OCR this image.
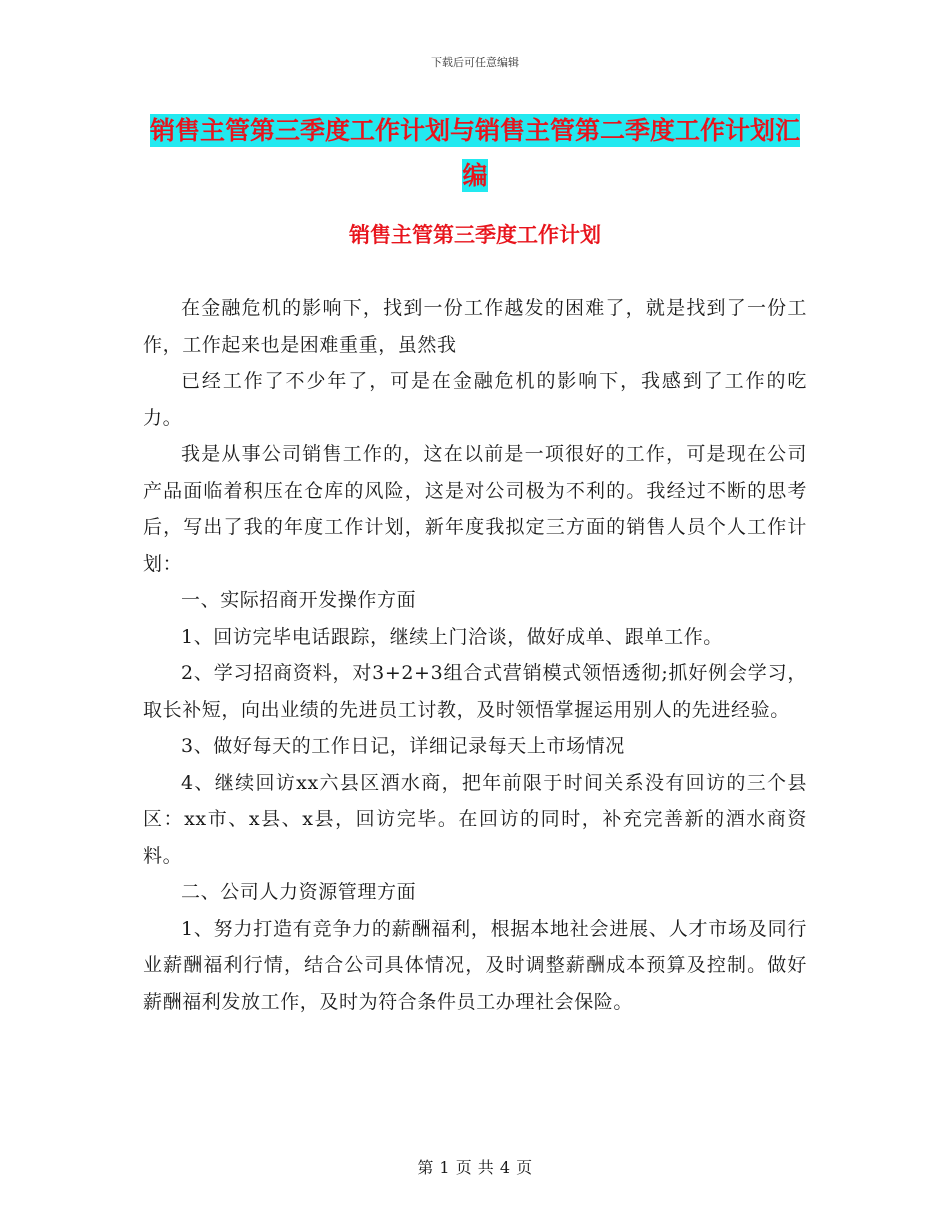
下载后可任意编辑
销售主管第三季度工作计划与销售主管第二季度工作计划汇编
销售主管第三季度工作计划

在金融危机的影响下，找到一份工作越发的困难了，就是找到了一份工作，工作起来也是困难重重，虽然我

已经工作了不少年了，可是在金融危机的影响下，我感到了工作的吃力。

我是从事公司销售工作的，这在以前是一项很好的工作，可是现在公司产品面临着积压在仓库的风险，这是对公司极为不利的。我经过不断的思考后，写出了我的年度工作计划，新年度我拟定三方面的销售人员个人工作计划：

一、实际招商开发操作方面

1、回访完毕电话跟踪，继续上门洽谈，做好成单、跟单工作。

2、学习招商资料，对3+2+3组合式营销模式领悟透彻;抓好例会学习，取长补短，向出业绩的先进员工讨教，及时领悟掌握运用别人的先进经验。

3、做好每天的工作日记，详细记录每天上市场情况

4、继续回访xx六县区酒水商，把年前限于时间关系没有回访的三个县区：xx市、x县、x县，回访完毕。在回访的同时，补充完善新的酒水商资料。

二、公司人力资源管理方面

1、努力打造有竞争力的薪酬福利，根据本地社会进展、人才市场及同行业薪酬福利行情，结合公司具体情况，及时调整薪酬成本预算及控制。做好薪酬福利发放工作，及时为符合条件员工办理社会保险。

第 1 页 共 4 页
